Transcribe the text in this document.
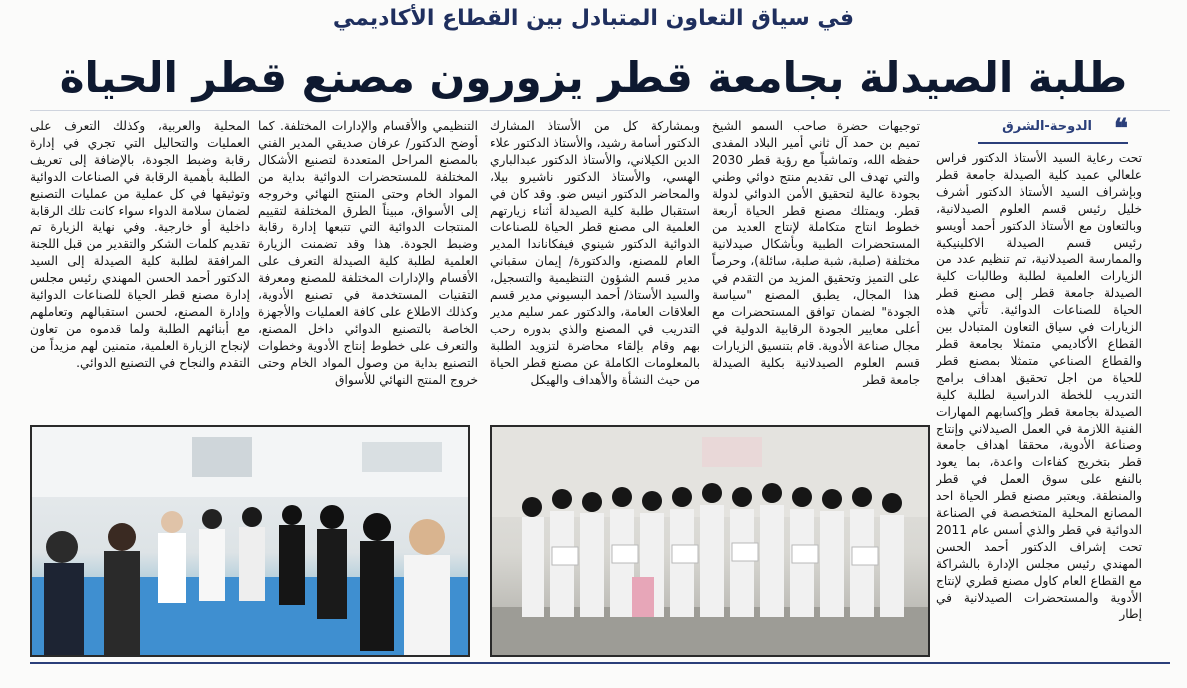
في سياق التعاون المتبادل بين القطاع الأكاديمي
طلبة الصيدلة بجامعة قطر يزورون مصنع قطر الحياة
❝
الدوحة-الشرق
تحت رعاية السيد الأستاذ الدكتور فراس علعالي عميد كلية الصيدلة جامعة قطر وبإشراف السيد الأستاذ الدكتور أشرف خليل رئيس قسم العلوم الصيدلانية، وبالتعاون مع الأستاذ الدكتور أحمد أويسو رئيس قسم الصيدلة الاكلينيكية والممارسة الصيدلانية، تم تنظيم عدد من الزيارات العلمية لطلبة وطالبات كلية الصيدلة جامعة قطر إلى مصنع قطر الحياة للصناعات الدوائية. تأتي هذه الزيارات في سياق التعاون المتبادل بين القطاع الأكاديمي متمثلا بجامعة قطر والقطاع الصناعي متمثلا بمصنع قطر للحياة من اجل تحقيق اهداف برامج التدريب للخطة الدراسية لطلبة كلية الصيدلة بجامعة قطر وإكسابهم المهارات الفنية اللازمة في العمل الصيدلاني وإنتاج وصناعة الأدوية، محققا اهداف جامعة قطر بتخريج كفاءات واعدة، بما يعود بالنفع على سوق العمل في قطر والمنطقة. ويعتبر مصنع قطر الحياة احد المصانع المحلية المتخصصة في الصناعة الدوائية في قطر والذي أسس عام 2011 تحت إشراف الدكتور أحمد الحسن المهندي رئيس مجلس الإدارة بالشراكة مع القطاع العام كاول مصنع قطري لإنتاج الأدوية والمستحضرات الصيدلانية في إطار
توجيهات حضرة صاحب السمو الشيخ تميم بن حمد آل ثاني أمير البلاد المفدى حفظه الله، وتماشياً مع رؤية قطر 2030 والتي تهدف الى تقديم منتج دوائي وطني بجودة عالية لتحقيق الأمن الدوائي لدولة قطر. ويمتلك مصنع قطر الحياة أربعة خطوط انتاج متكاملة لإنتاج العديد من المستحضرات الطبية وبأشكال صيدلانية مختلفة (صلبة، شبة صلبة، سائلة)، وحرصاً على التميز وتحقيق المزيد من التقدم في هذا المجال، يطبق المصنع "سياسة الجودة" لضمان توافق المستحضرات مع أعلى معايير الجودة الرقابية الدولية في مجال صناعة الأدوية. قام بتنسيق الزيارات قسم العلوم الصيدلانية بكلية الصيدلة جامعة قطر
وبمشاركة كل من الأستاذ المشارك الدكتور أسامة رشيد، والأستاذ الدكتور علاء الدين الكيلاني، والأستاذ الدكتور عبدالباري الهسي، والأستاذ الدكتور ناشيرو بيلا، والمحاضر الدكتور انيس ضو. وقد كان في استقبال طلبة كلية الصيدلة أثناء زيارتهم العلمية الى مصنع قطر الحياة للصناعات الدوائية الدكتور شينوي فيفكاناندا المدير العام للمصنع، والدكتورة/ إيمان سقباني مدير قسم الشؤون التنظيمية والتسجيل، والسيد الأستاذ/ أحمد البسيوني مدير قسم العلاقات العامة، والدكتور عمر سليم مدير التدريب في المصنع والذي بدوره رحب بهم وقام بإلقاء محاضرة لتزويد الطلبة بالمعلومات الكاملة عن مصنع قطر الحياة من حيث النشأة والأهداف والهيكل
التنظيمي والأقسام والإدارات المختلفة. كما أوضح الدكتور/ عرفان صديقي المدير الفني بالمصنع المراحل المتعددة لتصنيع الأشكال المختلفة للمستحضرات الدوائية بداية من المواد الخام وحتى المنتج النهائي وخروجه إلى الأسواق، مبيناً الطرق المختلفة لتقييم المنتجات الدوائية التي تتبعها إدارة رقابة وضبط الجودة. هذا وقد تضمنت الزيارة العلمية لطلبة كلية الصيدلة التعرف على الأقسام والإدارات المختلفة للمصنع ومعرفة التقنيات المستخدمة في تصنيع الأدوية، وكذلك الاطلاع على كافة العمليات والأجهزة الخاصة بالتصنيع الدوائي داخل المصنع، والتعرف على خطوط إنتاج الأدوية وخطوات التصنيع بداية من وصول المواد الخام وحتى خروج المنتج النهائي للأسواق
المحلية والعربية، وكذلك التعرف على العمليات والتحاليل التي تجري في إدارة رقابة وضبط الجودة، بالإضافة إلى تعريف الطلبة بأهمية الرقابة في الصناعات الدوائية وتوثيقها في كل عملية من عمليات التصنيع لضمان سلامة الدواء سواء كانت تلك الرقابة داخلية أو خارجية. وفي نهاية الزيارة تم تقديم كلمات الشكر والتقدير من قبل اللجنة المرافقة لطلبة كلية الصيدلة إلى السيد الدكتور أحمد الحسن المهندي رئيس مجلس إدارة مصنع قطر الحياة للصناعات الدوائية وإدارة المصنع، لحسن استقبالهم وتعاملهم مع أبنائهم الطلبة ولما قدموه من تعاون لإنجاح الزيارة العلمية، متمنين لهم مزيداً من التقدم والنجاح في التصنيع الدوائي.
